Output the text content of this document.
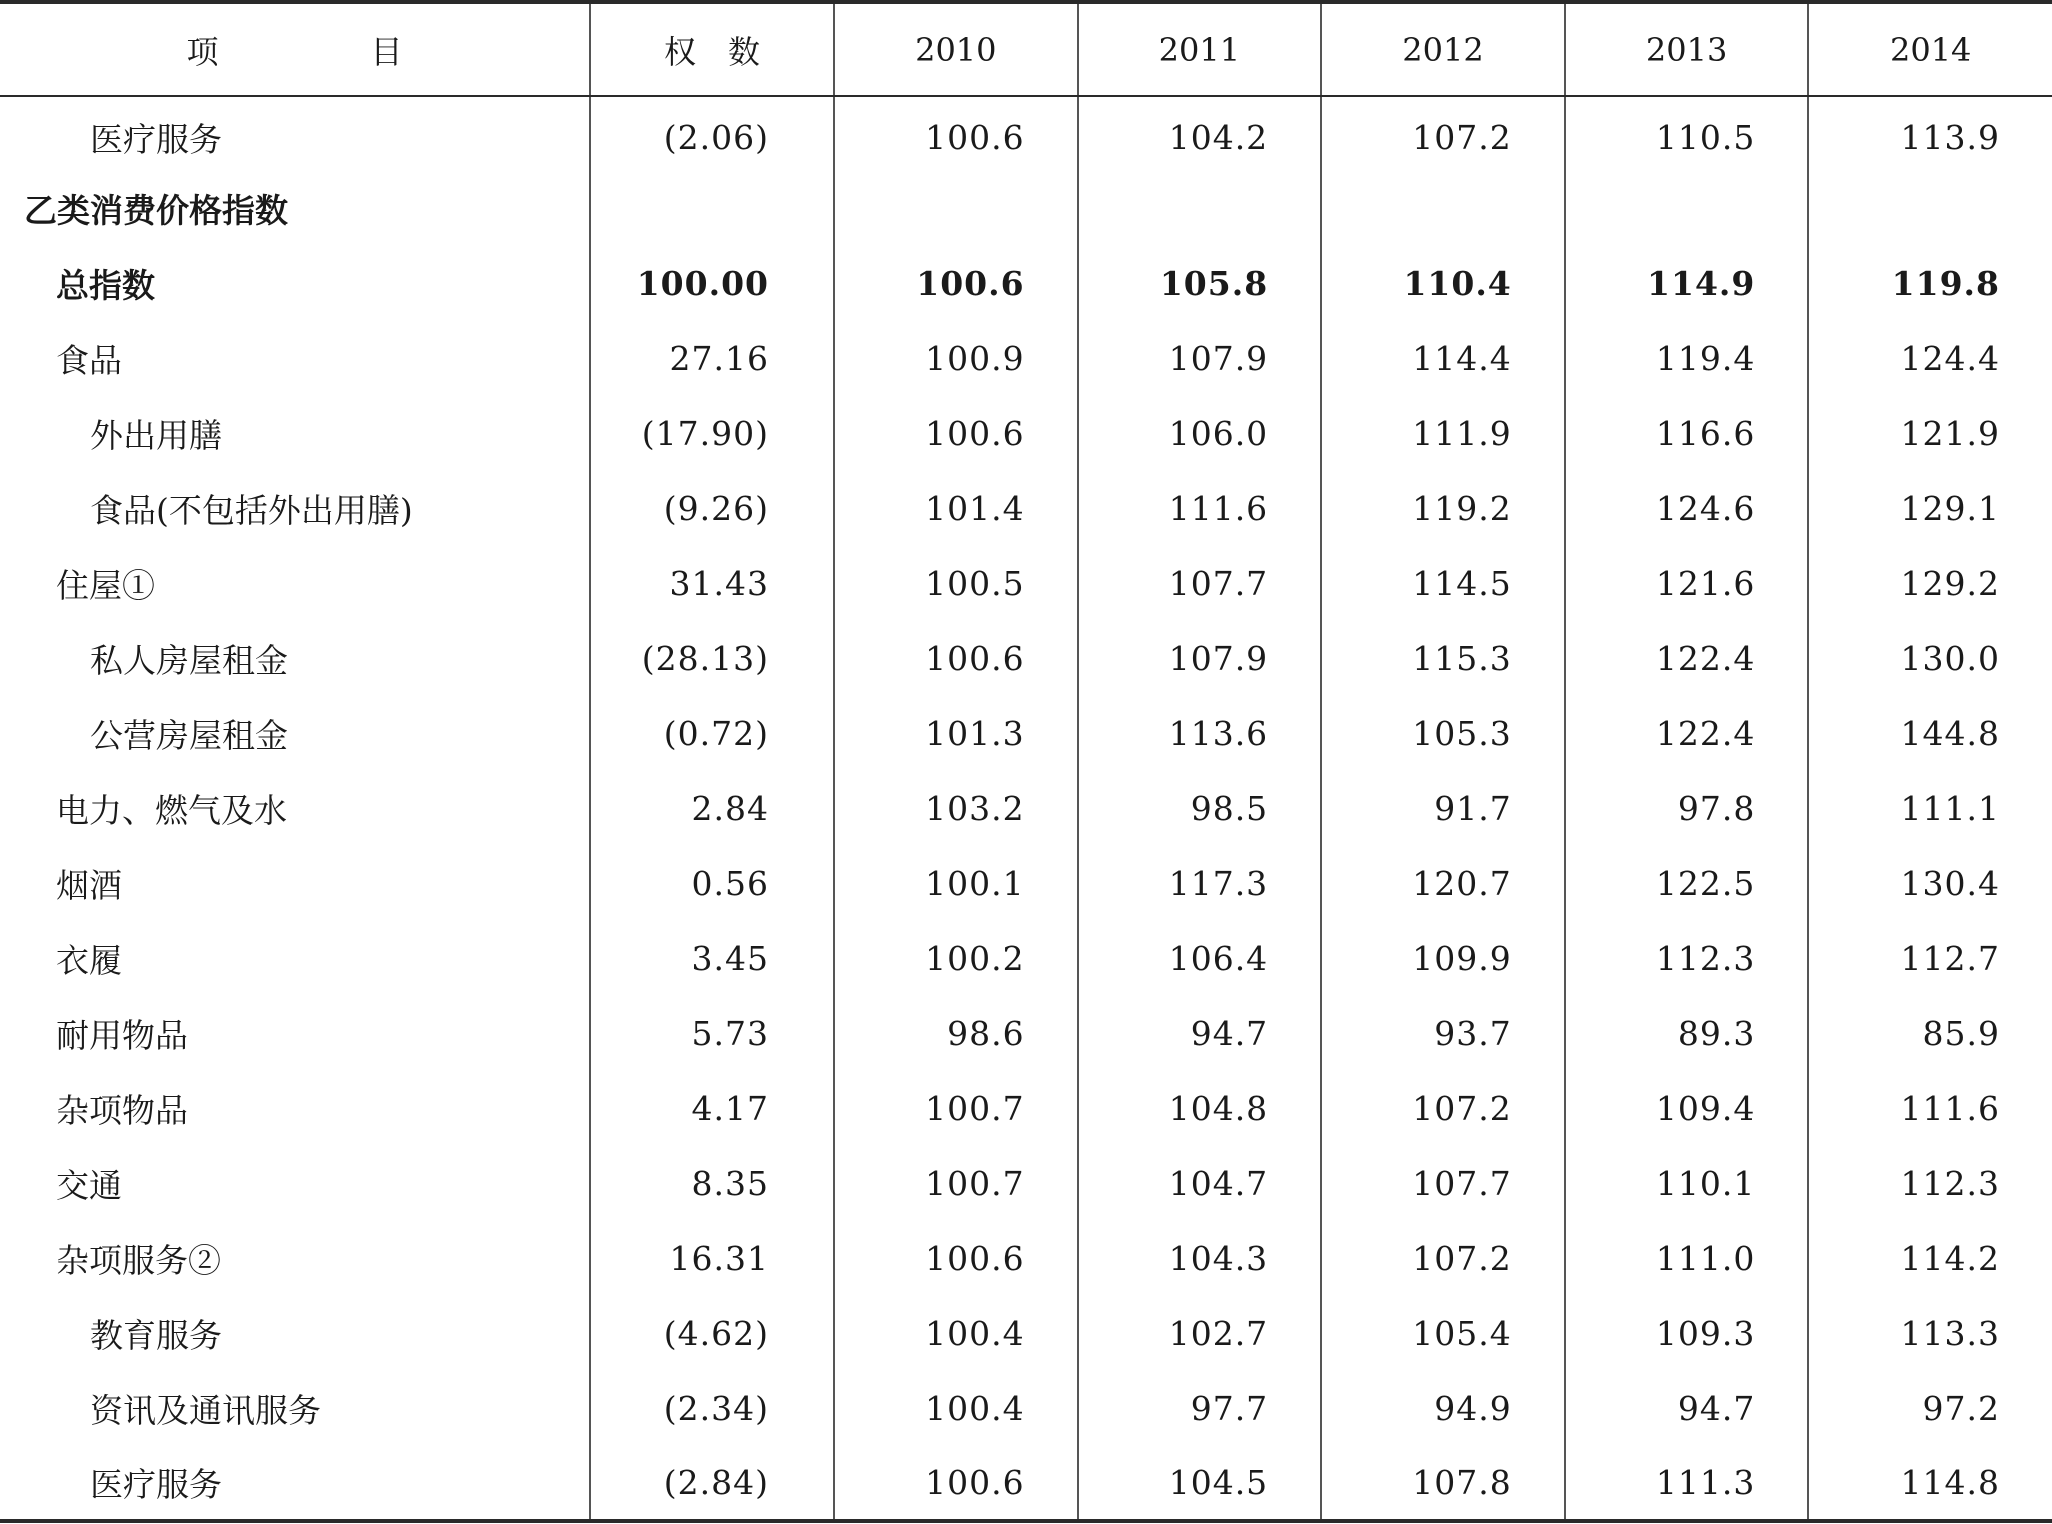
项　目	权　数	2010	2011	2012	2013	2014
医疗服务	(2.06)	100.6	104.2	107.2	110.5	113.9
乙类消费价格指数						
总指数	100.00	100.6	105.8	110.4	114.9	119.8
食品	27.16	100.9	107.9	114.4	119.4	124.4
外出用膳	(17.90)	100.6	106.0	111.9	116.6	121.9
食品(不包括外出用膳)	(9.26)	101.4	111.6	119.2	124.6	129.1
住屋①	31.43	100.5	107.7	114.5	121.6	129.2
私人房屋租金	(28.13)	100.6	107.9	115.3	122.4	130.0
公营房屋租金	(0.72)	101.3	113.6	105.3	122.4	144.8
电力、燃气及水	2.84	103.2	98.5	91.7	97.8	111.1
烟酒	0.56	100.1	117.3	120.7	122.5	130.4
衣履	3.45	100.2	106.4	109.9	112.3	112.7
耐用物品	5.73	98.6	94.7	93.7	89.3	85.9
杂项物品	4.17	100.7	104.8	107.2	109.4	111.6
交通	8.35	100.7	104.7	107.7	110.1	112.3
杂项服务②	16.31	100.6	104.3	107.2	111.0	114.2
教育服务	(4.62)	100.4	102.7	105.4	109.3	113.3
资讯及通讯服务	(2.34)	100.4	97.7	94.9	94.7	97.2
医疗服务	(2.84)	100.6	104.5	107.8	111.3	114.8
